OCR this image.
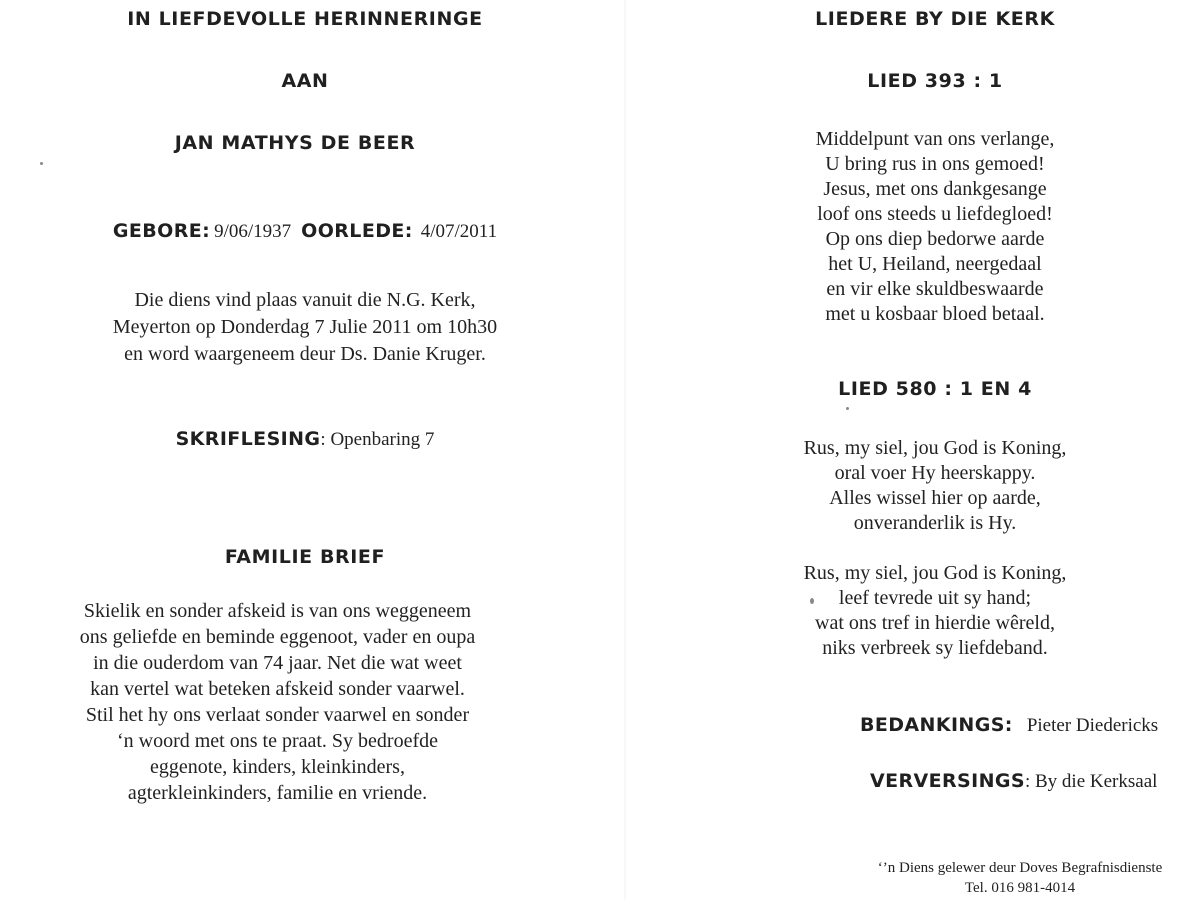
IN LIEFDEVOLLE HERINNERINGE
AAN
JAN MATHYS DE BEER
GEBORE: 9/06/1937 OORLEDE: 4/07/2011
Die diens vind plaas vanuit die N.G. Kerk,
Meyerton op Donderdag 7 Julie 2011 om 10h30
en word waargeneem deur Ds. Danie Kruger.
SKRIFLESING: Openbaring 7
FAMILIE BRIEF
Skielik en sonder afskeid is van ons weggeneem
ons geliefde en beminde eggenoot, vader en oupa
in die ouderdom van 74 jaar. Net die wat weet
kan vertel wat beteken afskeid sonder vaarwel.
Stil het hy ons verlaat sonder vaarwel en sonder
‘n woord met ons te praat. Sy bedroefde
eggenote, kinders, kleinkinders,
agterkleinkinders, familie en vriende.
LIEDERE BY DIE KERK
LIED 393 : 1
Middelpunt van ons verlange,
U bring rus in ons gemoed!
Jesus, met ons dankgesange
loof ons steeds u liefdegloed!
Op ons diep bedorwe aarde
het U, Heiland, neergedaal
en vir elke skuldbeswaarde
met u kosbaar bloed betaal.
LIED 580 : 1 EN 4
Rus, my siel, jou God is Koning,
oral voer Hy heerskappy.
Alles wissel hier op aarde,
onveranderlik is Hy.
Rus, my siel, jou God is Koning,
leef tevrede uit sy hand;
wat ons tref in hierdie wêreld,
niks verbreek sy liefdeband.
BEDANKINGS: Pieter Diedericks
VERVERSINGS: By die Kerksaal
‘’n Diens gelewer deur Doves Begrafnisdienste
Tel. 016 981-4014
